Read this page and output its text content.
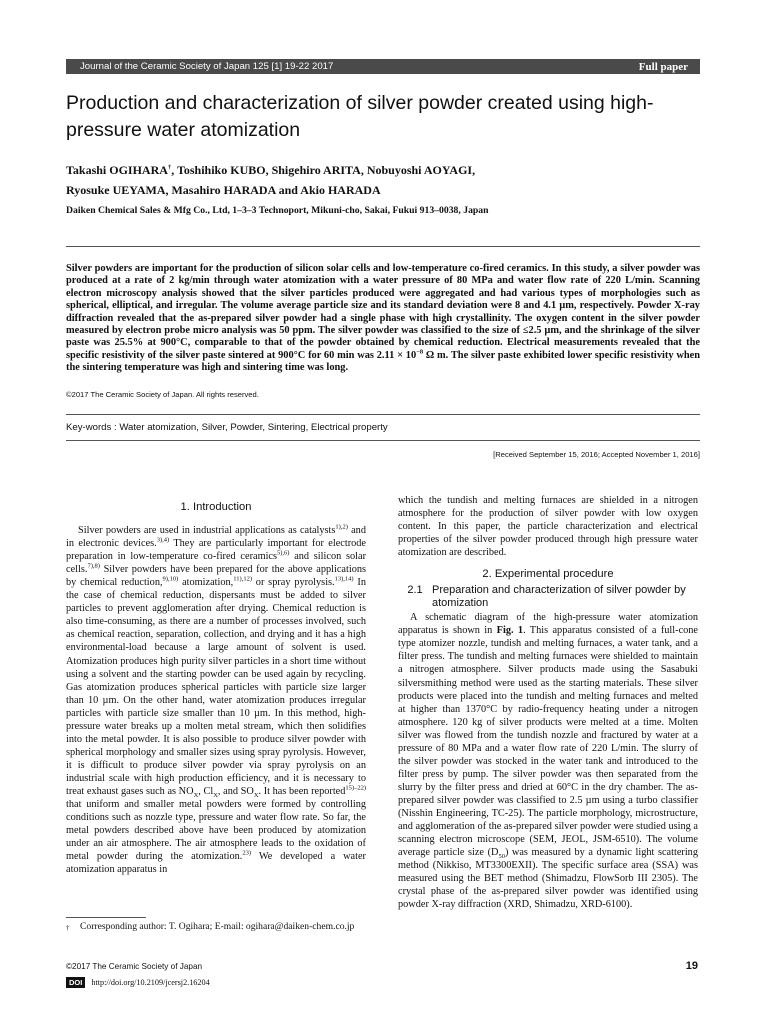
Journal of the Ceramic Society of Japan 125 [1] 19-22 2017	Full paper
Production and characterization of silver powder created using high-pressure water atomization
Takashi OGIHARA†, Toshihiko KUBO, Shigehiro ARITA, Nobuyoshi AOYAGI,
Ryosuke UEYAMA, Masahiro HARADA and Akio HARADA
Daiken Chemical Sales & Mfg Co., Ltd, 1–3–3 Technoport, Mikuni-cho, Sakai, Fukui 913–0038, Japan
Silver powders are important for the production of silicon solar cells and low-temperature co-fired ceramics. In this study, a silver powder was produced at a rate of 2 kg/min through water atomization with a water pressure of 80 MPa and water flow rate of 220 L/min. Scanning electron microscopy analysis showed that the silver particles produced were aggregated and had various types of morphologies such as spherical, elliptical, and irregular. The volume average particle size and its standard deviation were 8 and 4.1 µm, respectively. Powder X-ray diffraction revealed that the as-prepared silver powder had a single phase with high crystallinity. The oxygen content in the silver powder measured by electron probe micro analysis was 50 ppm. The silver powder was classified to the size of ≤2.5 µm, and the shrinkage of the silver paste was 25.5% at 900°C, comparable to that of the powder obtained by chemical reduction. Electrical measurements revealed that the specific resistivity of the silver paste sintered at 900°C for 60 min was $2.11 \times 10^{-8}$ Ω m. The silver paste exhibited lower specific resistivity when the sintering temperature was high and sintering time was long.
©2017 The Ceramic Society of Japan. All rights reserved.
Key-words : Water atomization, Silver, Powder, Sintering, Electrical property
[Received September 15, 2016; Accepted November 1, 2016]
1. Introduction

Silver powders are used in industrial applications as catalysts$^{1),2)}$ and in electronic devices.$^{3),4)}$ They are particularly important for electrode preparation in low-temperature co-fired ceramics$^{5),6)}$ and silicon solar cells.$^{7),8)}$ Silver powders have been prepared for the above applications by chemical reduction,$^{9),10)}$ atomization,$^{11),12)}$ or spray pyrolysis.$^{13),14)}$ In the case of chemical reduction, dispersants must be added to silver particles to prevent agglomeration after drying. Chemical reduction is also time-consuming, as there are a number of processes involved, such as chemical reaction, separation, collection, and drying and it has a high environmental-load because a large amount of solvent is used. Atomization produces high purity silver particles in a short time without using a solvent and the starting powder can be used again by recycling. Gas atomization produces spherical particles with particle size larger than 10 µm. On the other hand, water atomization produces irregular particles with particle size smaller than 10 µm. In this method, high-pressure water breaks up a molten metal stream, which then solidifies into the metal powder. It is also possible to produce silver powder with spherical morphology and smaller sizes using spray pyrolysis. However, it is difficult to produce silver powder via spray pyrolysis on an industrial scale with high production efficiency, and it is necessary to treat exhaust gases such as $NO_X$, $Cl_X$, and $SO_X$. It has been reported$^{15)-22)}$ that uniform and smaller metal powders were formed by controlling conditions such as nozzle type, pressure and water flow rate. So far, the metal powders described above have been produced by atomization under an air atmosphere. The air atmosphere leads to the oxidation of metal powder during the atomization.$^{23)}$ We developed a water atomization apparatus in

which the tundish and melting furnaces are shielded in a nitrogen atmosphere for the production of silver powder with low oxygen content. In this paper, the particle characterization and electrical properties of the silver powder produced through high pressure water atomization are described.

2. Experimental procedure
2.1 Preparation and characterization of silver powder by atomization

A schematic diagram of the high-pressure water atomization apparatus is shown in Fig. 1. This apparatus consisted of a full-cone type atomizer nozzle, tundish and melting furnaces, a water tank, and a filter press. The tundish and melting furnaces were shielded to maintain a nitrogen atmosphere. Silver products made using the Sasabuki silversmithing method were used as the starting materials. These silver products were placed into the tundish and melting furnaces and melted at higher than 1370°C by radio-frequency heating under a nitrogen atmosphere. 120 kg of silver products were melted at a time. Molten silver was flowed from the tundish nozzle and fractured by water at a pressure of 80 MPa and a water flow rate of 220 L/min. The slurry of the silver powder was stocked in the water tank and introduced to the filter press by pump. The silver powder was then separated from the slurry by the filter press and dried at 60°C in the dry chamber. The as-prepared silver powder was classified to 2.5 µm using a turbo classifier (Nisshin Engineering, TC-25). The particle morphology, microstructure, and agglomeration of the as-prepared silver powder were studied using a scanning electron microscope (SEM, JEOL, JSM-6510). The volume average particle size $(D_{50})$ was measured by a dynamic light scattering method (Nikkiso, MT3300EXII). The specific surface area (SSA) was measured using the BET method (Shimadzu, FlowSorb III 2305). The crystal phase of the as-prepared silver powder was identified using powder X-ray diffraction (XRD, Shimadzu, XRD-6100).

†	Corresponding author: T. Ogihara; E-mail: ogihara@daiken-chem.co.jp
©2017 The Ceramic Society of Japan
DOI	http://doi.org/10.2109/jcersj2.16204
19
